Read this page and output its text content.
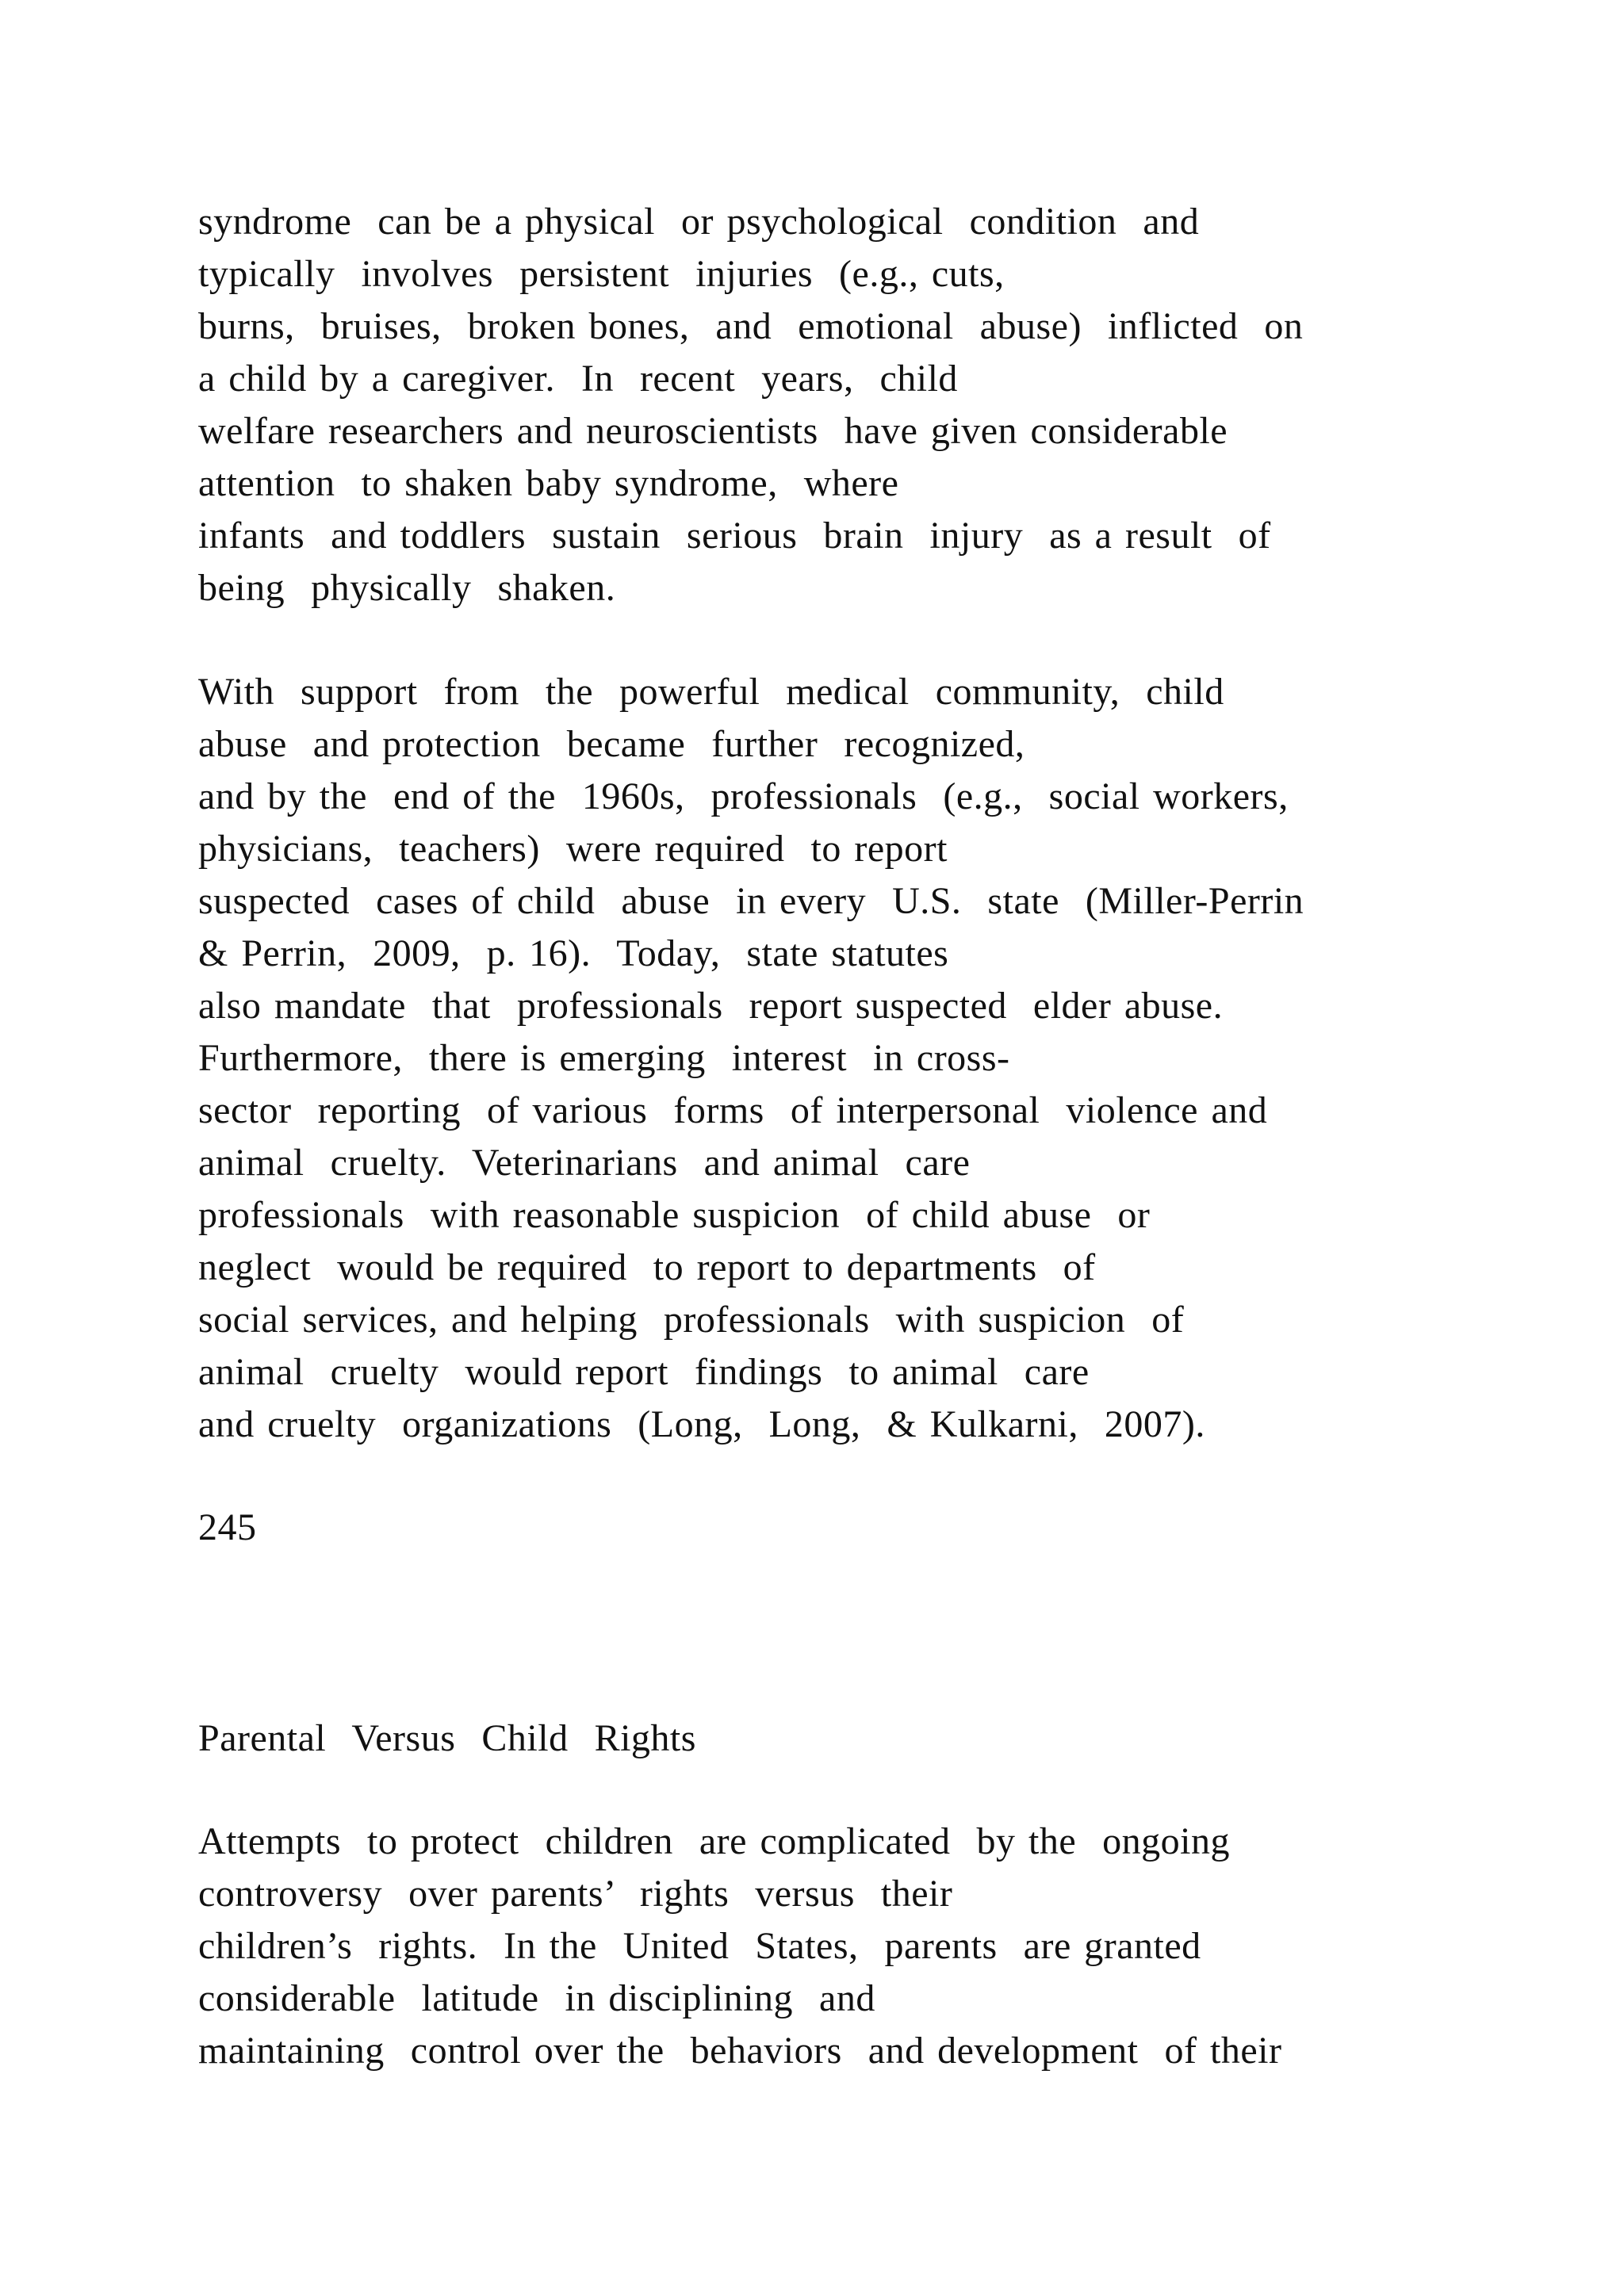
syndrome  can be a physical  or psychological  condition  and
typically  involves  persistent  injuries  (e.g., cuts,
burns,  bruises,  broken bones,  and  emotional  abuse)  inflicted  on
a child by a caregiver.  In  recent  years,  child
welfare researchers and neuroscientists  have given considerable
attention  to shaken baby syndrome,  where
infants  and toddlers  sustain  serious  brain  injury  as a result  of
being  physically  shaken.
With  support  from  the  powerful  medical  community,  child
abuse  and protection  became  further  recognized,
and by the  end of the  1960s,  professionals  (e.g.,  social workers,
physicians,  teachers)  were required  to report
suspected  cases of child  abuse  in every  U.S.  state  (Miller-Perrin
& Perrin,  2009,  p. 16).  Today,  state statutes
also mandate  that  professionals  report suspected  elder abuse.
Furthermore,  there is emerging  interest  in cross-
sector  reporting  of various  forms  of interpersonal  violence and
animal  cruelty.  Veterinarians  and animal  care
professionals  with reasonable suspicion  of child abuse  or
neglect  would be required  to report to departments  of
social services, and helping  professionals  with suspicion  of
animal  cruelty  would report  findings  to animal  care
and cruelty  organizations  (Long,  Long,  & Kulkarni,  2007).
245
Parental  Versus  Child  Rights
Attempts  to protect  children  are complicated  by the  ongoing
controversy  over parents’  rights  versus  their
children’s  rights.  In the  United  States,  parents  are granted
considerable  latitude  in disciplining  and
maintaining  control over the  behaviors  and development  of their
